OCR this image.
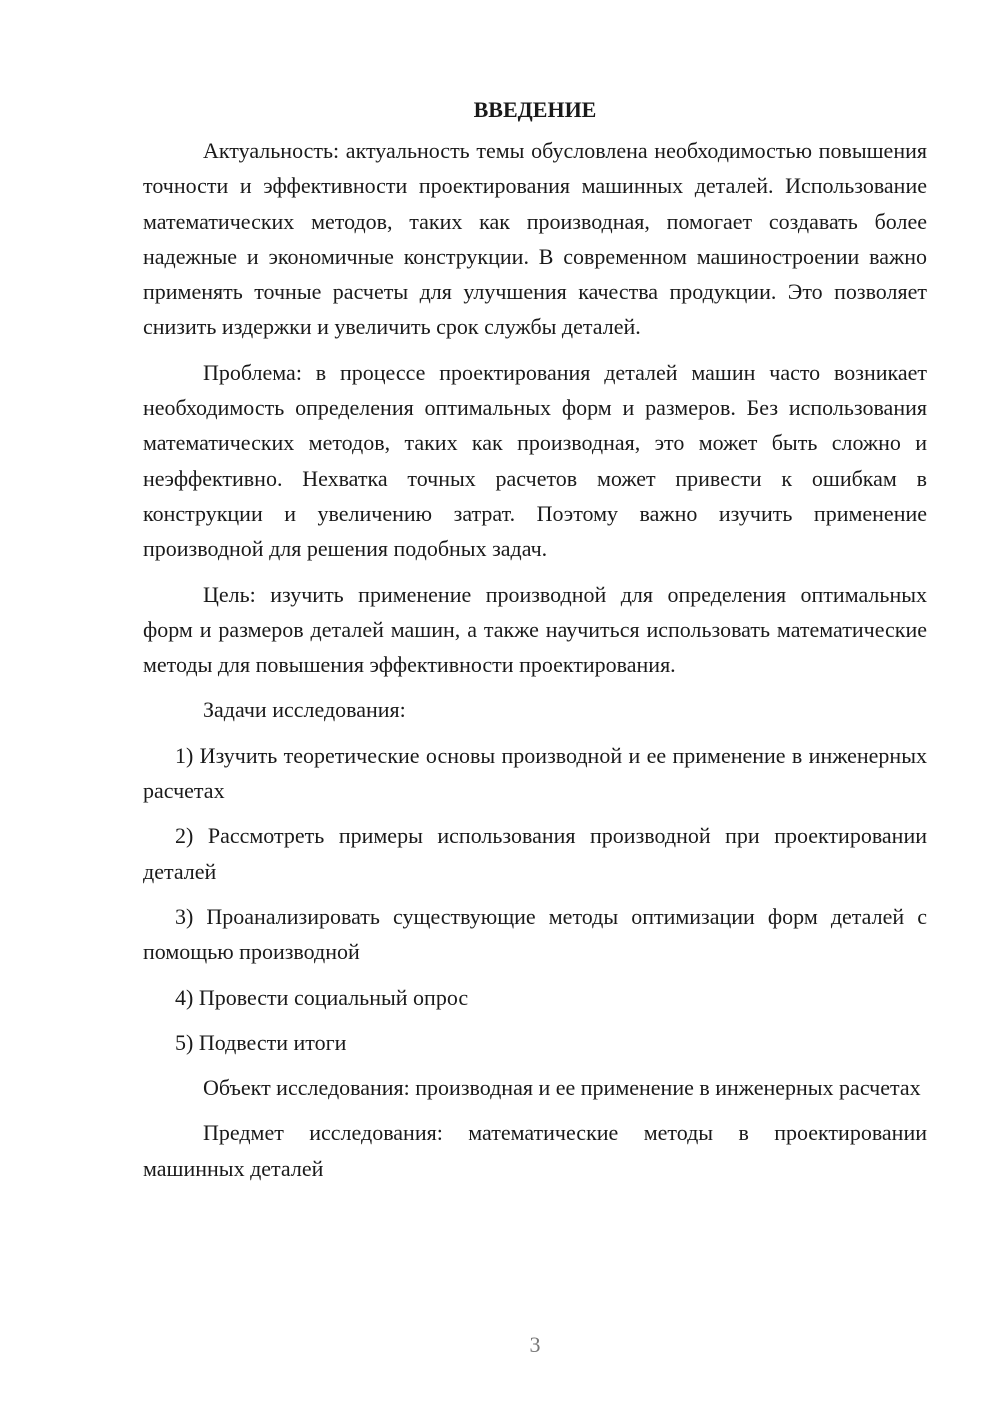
ВВЕДЕНИЕ

Актуальность: актуальность темы обусловлена необходимостью повышения точности и эффективности проектирования машинных деталей. Использование математических методов, таких как производная, помогает создавать более надежные и экономичные конструкции. В современном машиностроении важно применять точные расчеты для улучшения качества продукции. Это позволяет снизить издержки и увеличить срок службы деталей.

Проблема: в процессе проектирования деталей машин часто возникает необходимость определения оптимальных форм и размеров. Без использования математических методов, таких как производная, это может быть сложно и неэффективно. Нехватка точных расчетов может привести к ошибкам в конструкции и увеличению затрат. Поэтому важно изучить применение производной для решения подобных задач.

Цель: изучить применение производной для определения оптимальных форм и размеров деталей машин, а также научиться использовать математические методы для повышения эффективности проектирования.

Задачи исследования:

1) Изучить теоретические основы производной и ее применение в инженерных расчетах

2) Рассмотреть примеры использования производной при проектировании деталей

3) Проанализировать существующие методы оптимизации форм деталей с помощью производной

4) Провести социальный опрос

5) Подвести итоги

Объект исследования: производная и ее применение в инженерных расчетах

Предмет исследования: математические методы в проектировании машинных деталей

3
